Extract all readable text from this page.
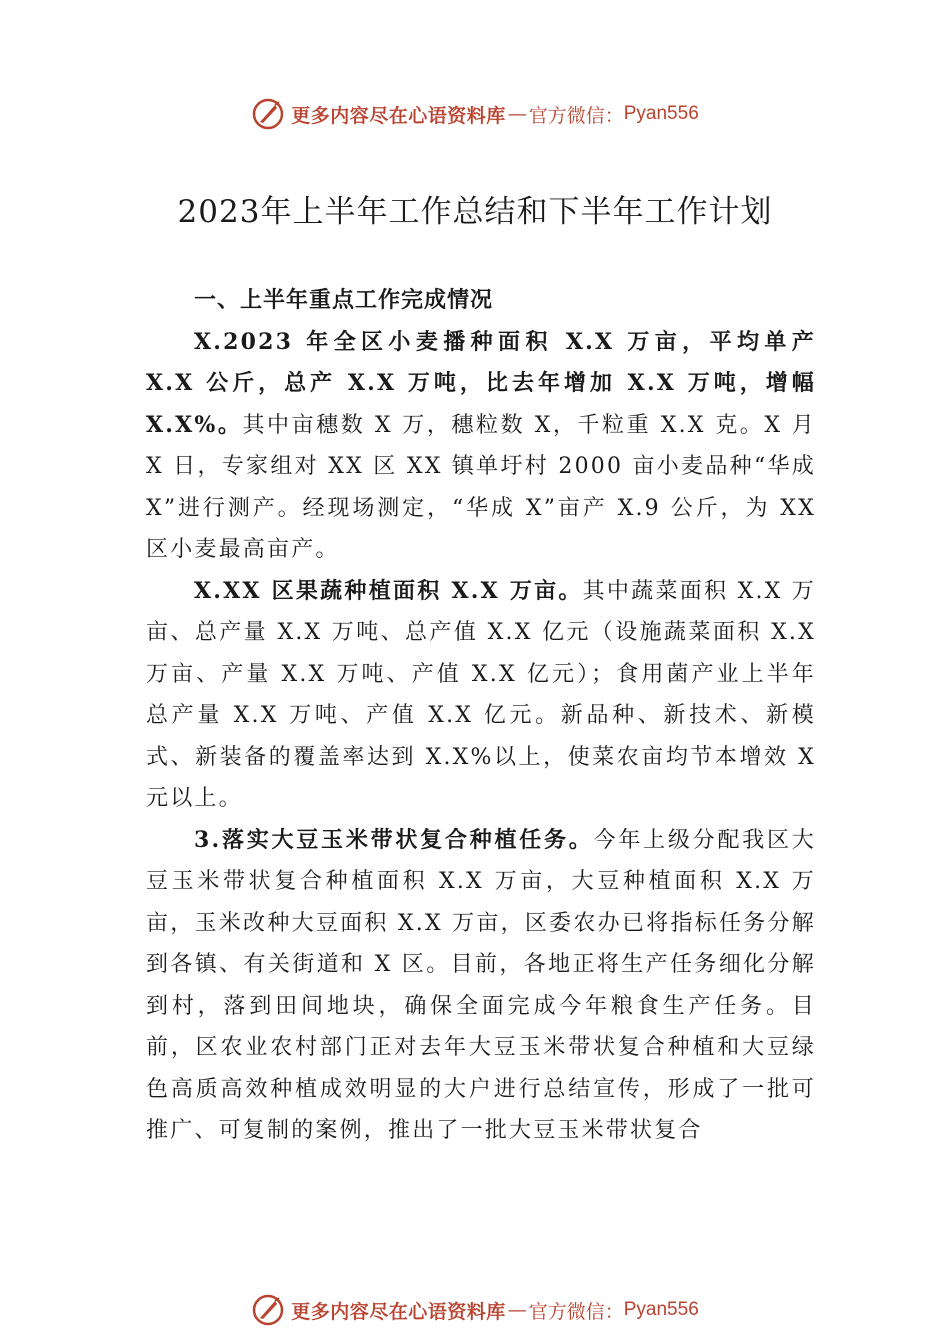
更多内容尽在心语资料库 — 官方微信： Pyan556
2023年上半年工作总结和下半年工作计划

一、上半年重点工作完成情况

X.2023 年全区小麦播种面积 X.X 万亩，平均单产 X.X 公斤，总产 X.X 万吨，比去年增加 X.X 万吨，增幅 X.X%。其中亩穗数 X 万，穗粒数 X，千粒重 X.X 克。X 月 X 日，专家组对 XX 区 XX 镇单圩村 2000 亩小麦品种“华成 X”进行测产。经现场测定，“华成 X”亩产 X.9 公斤，为 XX 区小麦最高亩产。

X.XX 区果蔬种植面积 X.X 万亩。其中蔬菜面积 X.X 万亩、总产量 X.X 万吨、总产值 X.X 亿元（设施蔬菜面积 X.X 万亩、产量 X.X 万吨、产值 X.X 亿元）；食用菌产业上半年总产量 X.X 万吨、产值 X.X 亿元。新品种、新技术、新模式、新装备的覆盖率达到 X.X%以上，使菜农亩均节本增效 X 元以上。

3.落实大豆玉米带状复合种植任务。今年上级分配我区大豆玉米带状复合种植面积 X.X 万亩，大豆种植面积 X.X 万亩，玉米改种大豆面积 X.X 万亩，区委农办已将指标任务分解到各镇、有关街道和 X 区。目前，各地正将生产任务细化分解到村，落到田间地块，确保全面完成今年粮食生产任务。目前，区农业农村部门正对去年大豆玉米带状复合种植和大豆绿色高质高效种植成效明显的大户进行总结宣传，形成了一批可推广、可复制的案例，推出了一批大豆玉米带状复合

更多内容尽在心语资料库 — 官方微信： Pyan556
